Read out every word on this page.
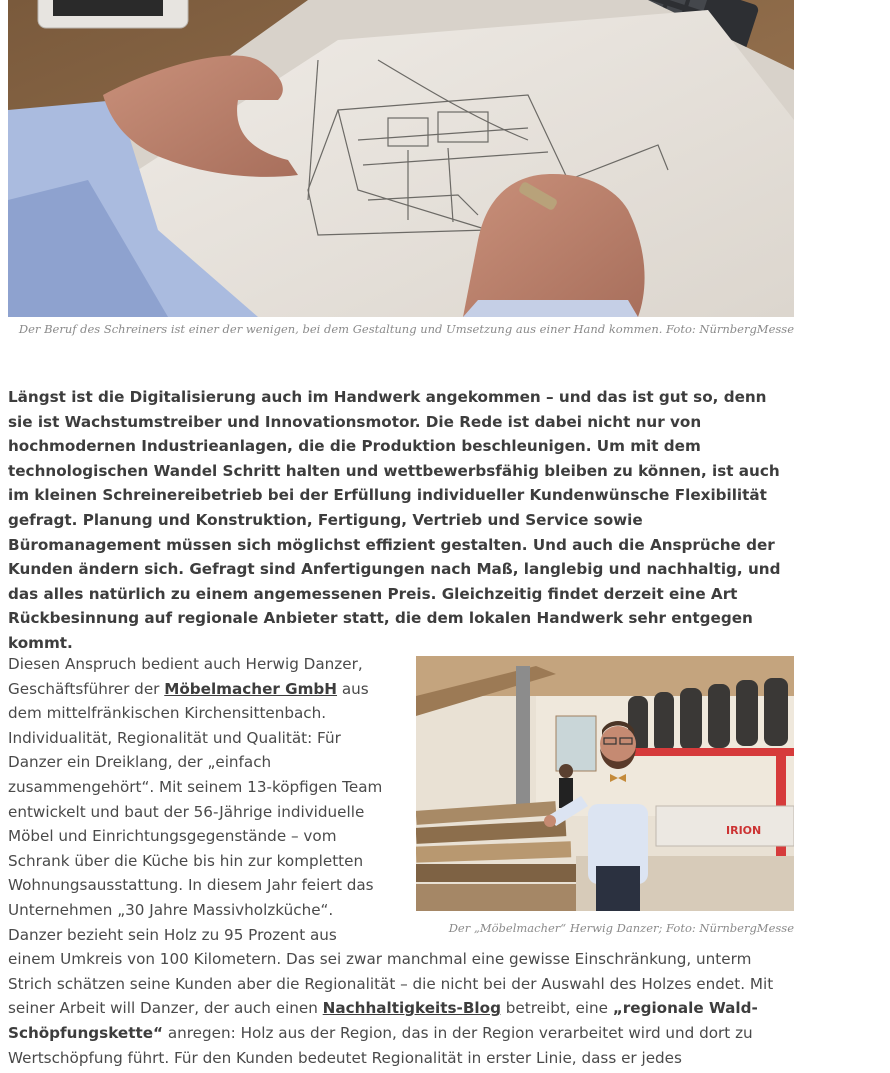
Der Beruf des Schreiners ist einer der wenigen, bei dem Gestaltung und Umsetzung aus einer Hand kommen. Foto: NürnbergMesse

Längst ist die Digitalisierung auch im Handwerk angekommen – und das ist gut so, denn sie ist Wachstumstreiber und Innovationsmotor. Die Rede ist dabei nicht nur von hochmodernen Industrieanlagen, die die Produktion beschleunigen. Um mit dem technologischen Wandel Schritt halten und wettbewerbsfähig bleiben zu können, ist auch im kleinen Schreinereibetrieb bei der Erfüllung individueller Kundenwünsche Flexibilität gefragt. Planung und Konstruktion, Fertigung, Vertrieb und Service sowie Büromanagement müssen sich möglichst effizient gestalten. Und auch die Ansprüche der Kunden ändern sich. Gefragt sind Anfertigungen nach Maß, langlebig und nachhaltig, und das alles natürlich zu einem angemessenen Preis. Gleichzeitig findet derzeit eine Art Rückbesinnung auf regionale Anbieter statt, die dem lokalen Handwerk sehr entgegen kommt.

IRION
Der „Möbelmacher“ Herwig Danzer; Foto: NürnbergMesse
Diesen Anspruch bedient auch Herwig Danzer, Geschäftsführer der Möbelmacher GmbH aus dem mittelfränkischen Kirchensittenbach. Individualität, Regionalität und Qualität: Für Danzer ein Dreiklang, der „einfach zusammengehört“. Mit seinem 13-köpfigen Team entwickelt und baut der 56-Jährige individuelle Möbel und Einrichtungsgegenstände – vom Schrank über die Küche bis hin zur kompletten Wohnungsausstattung. In diesem Jahr feiert das Unternehmen „30 Jahre Massivholzküche“. Danzer bezieht sein Holz zu 95 Prozent aus einem Umkreis von 100 Kilometern. Das sei zwar manchmal eine gewisse Einschränkung, unterm Strich schätzen seine Kunden aber die Regionalität – die nicht bei der Auswahl des Holzes endet. Mit seiner Arbeit will Danzer, der auch einen Nachhaltigkeits-Blog betreibt, eine „regionale Wald-Schöpfungskette“ anregen: Holz aus der Region, das in der Region verarbeitet wird und dort zu Wertschöpfung führt. Für den Kunden bedeutet Regionalität in erster Linie, dass er jedes
